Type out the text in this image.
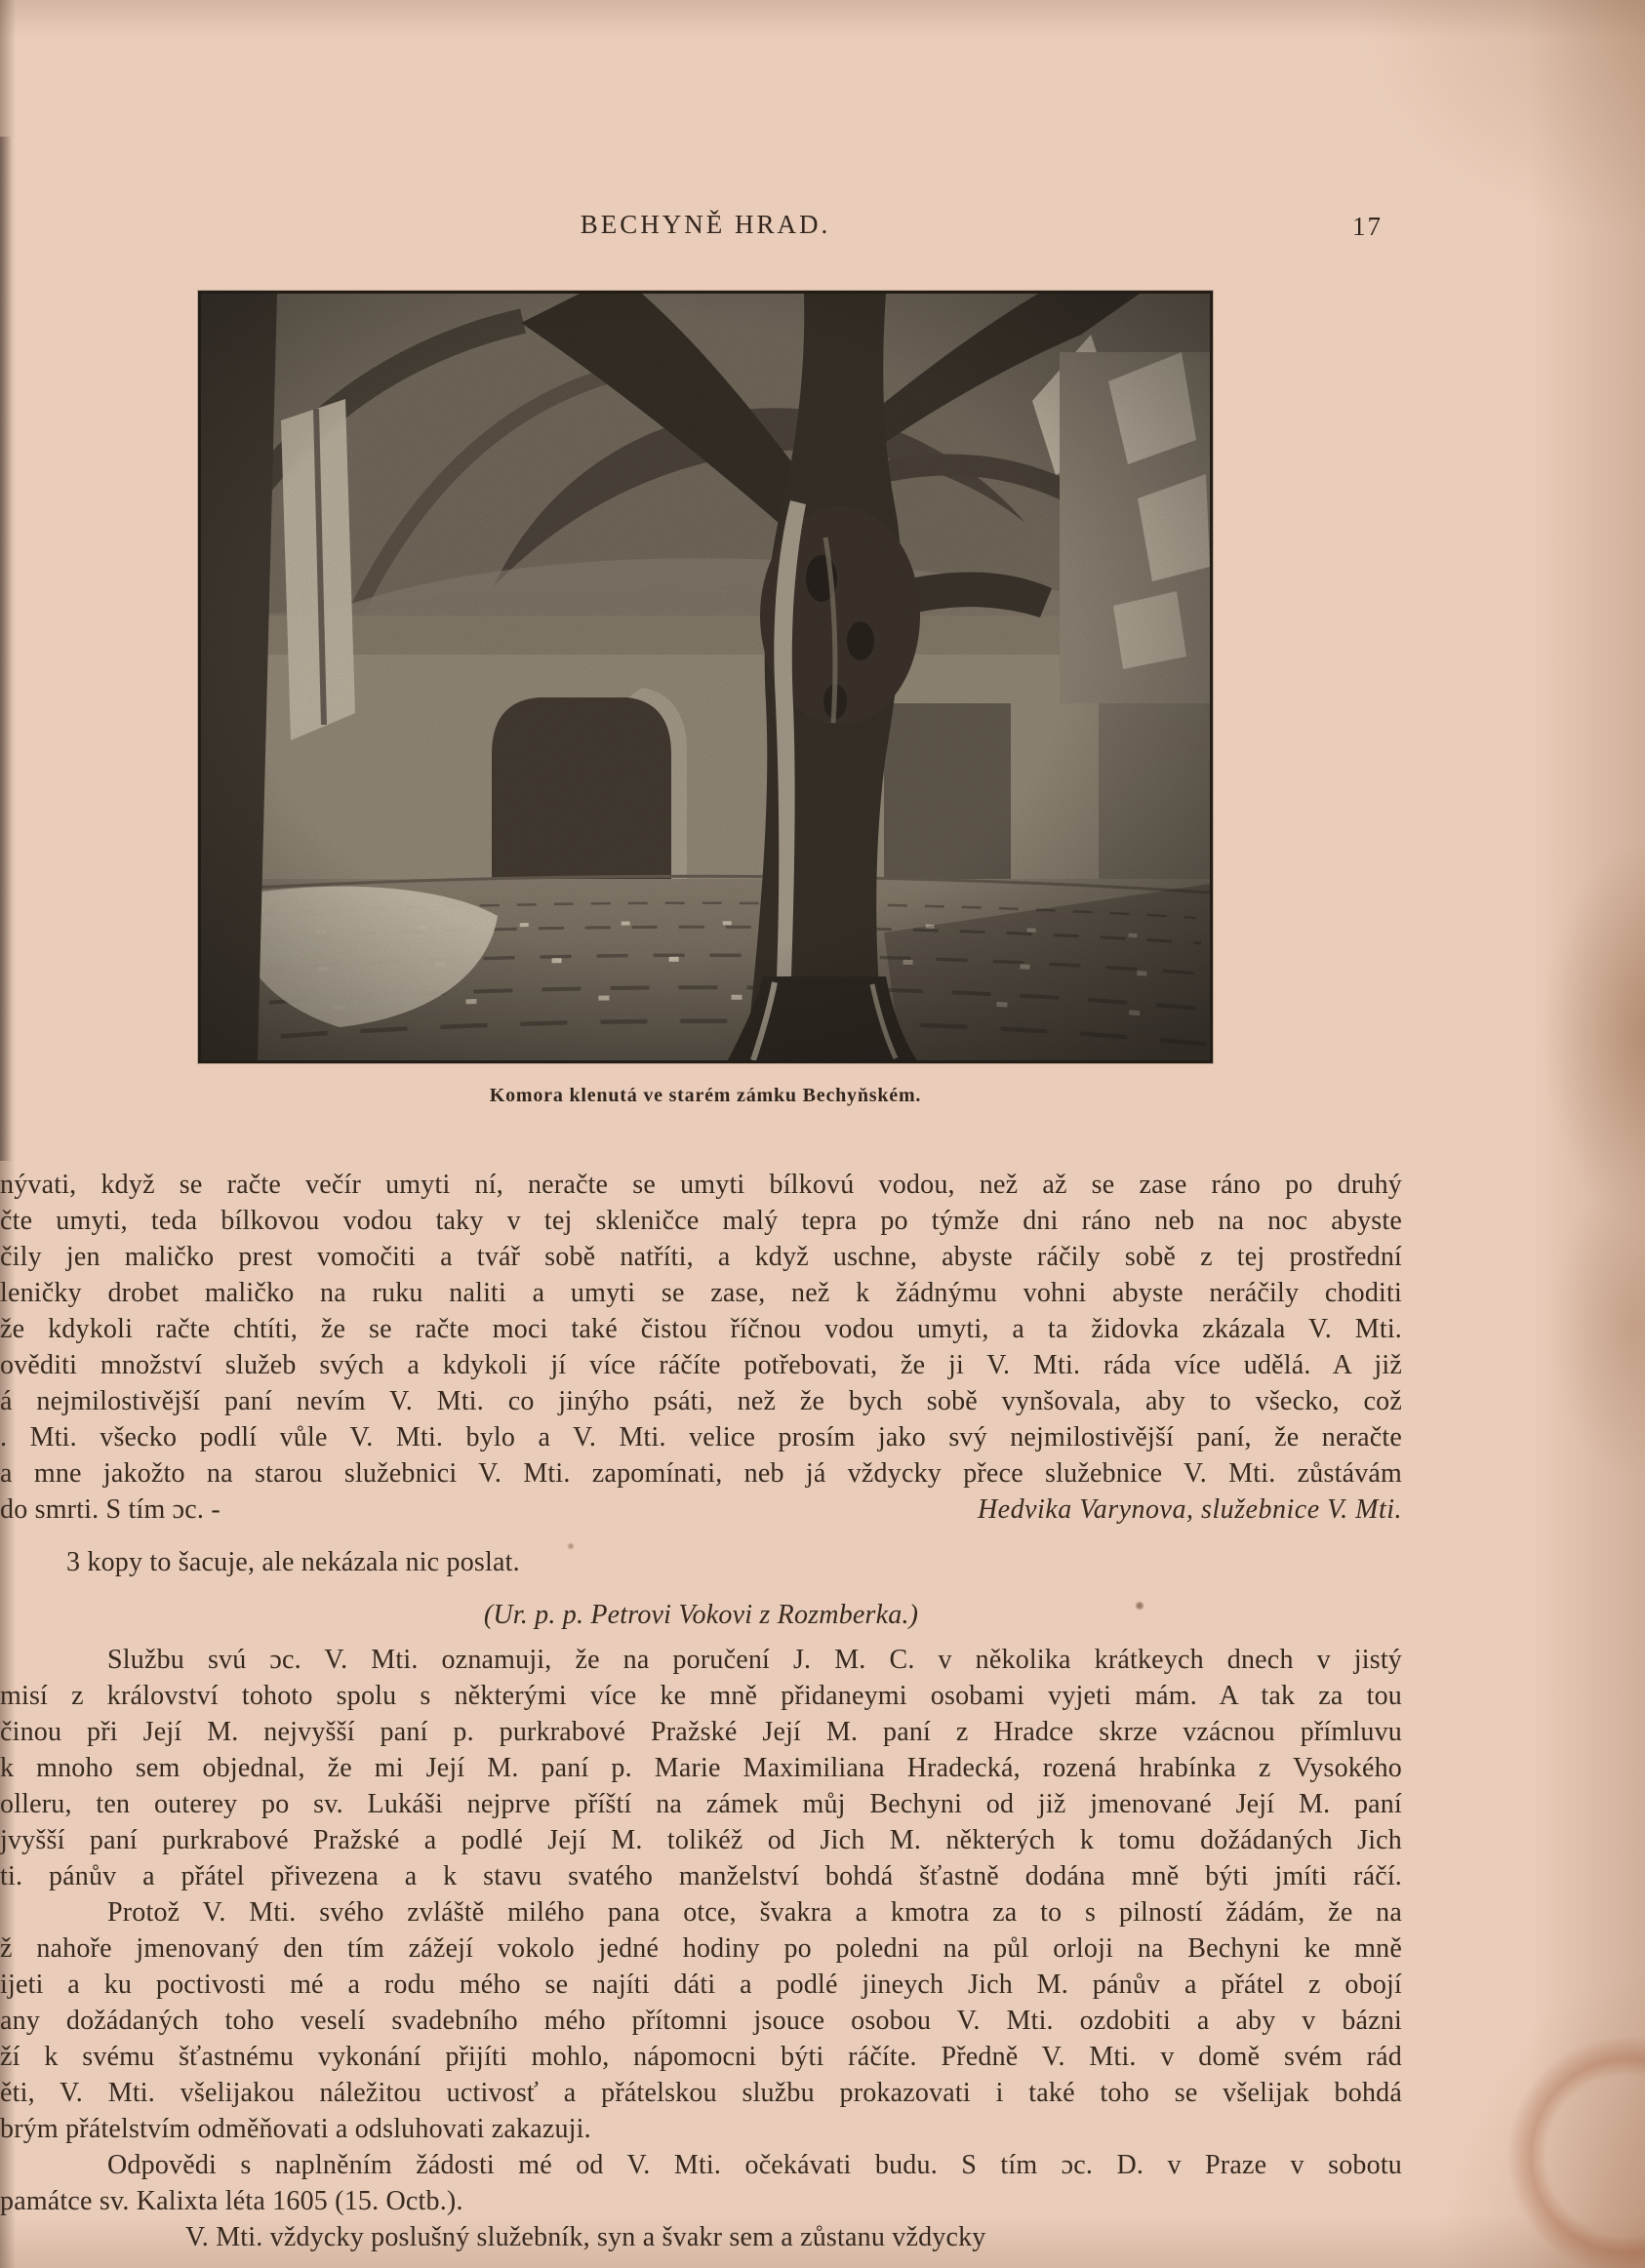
BECHYNĚ HRAD.	17
Komora klenutá ve starém zámku Bechyňském.
nývati, když se račte večír umyti ní, neračte se umyti bílkovú vodou, než až se zase ráno po druhý
čte umyti, teda bílkovou vodou taky v tej skleničce malý tepra po týmže dni ráno neb na noc abyste
čily jen maličko prest vomočiti a tvář sobě natříti, a když uschne, abyste ráčily sobě z tej prostřední
leničky drobet maličko na ruku naliti a umyti se zase, než k žádnýmu vohni abyste neráčily choditi
že kdykoli račte chtíti, že se račte moci také čistou říčnou vodou umyti, a ta židovka zkázala V. Mti.
ověditi množství služeb svých a kdykoli jí více ráčíte potřebovati, že ji V. Mti. ráda více udělá. A již
á nejmilostivější paní nevím V. Mti. co jinýho psáti, než že bych sobě vynšovala, aby to všecko, což
. Mti. všecko podlí vůle V. Mti. bylo a V. Mti. velice prosím jako svý nejmilostivější paní, že neračte
a mne jakožto na starou služebnici V. Mti. zapomínati, neb já vždycky přece služebnice V. Mti. zůstávám
do smrti. S tím ɔc. -	Hedvika Varynova, služebnice V. Mti.
3 kopy to šacuje, ale nekázala nic poslat.
(Ur. p. p. Petrovi Vokovi z Rozmberka.)
Službu svú ɔc. V. Mti. oznamuji, že na poručení J. M. C. v několika krátkeych dnech v jistý
misí z království tohoto spolu s některými více ke mně přidaneymi osobami vyjeti mám. A tak za tou
činou při Její M. nejvyšší paní p. purkrabové Pražské Její M. paní z Hradce skrze vzácnou přímluvu
k mnoho sem objednal, že mi Její M. paní p. Marie Maximiliana Hradecká, rozená hrabínka z Vysokého
olleru, ten outerey po sv. Lukáši nejprve příští na zámek můj Bechyni od již jmenované Její M. paní
jvyšší paní purkrabové Pražské a podlé Její M. tolikéž od Jich M. některých k tomu dožádaných Jich
ti. pánův a přátel přivezena a k stavu svatého manželství bohdá šťastně dodána mně býti jmíti ráčí.
Protož V. Mti. svého zvláště milého pana otce, švakra a kmotra za to s pilností žádám, že na
ž nahoře jmenovaný den tím zážejí vokolo jedné hodiny po poledni na půl orloji na Bechyni ke mně
ijeti a ku poctivosti mé a rodu mého se najíti dáti a podlé jineych Jich M. pánův a přátel z obojí
any dožádaných toho veselí svadebního mého přítomni jsouce osobou V. Mti. ozdobiti a aby v bázni
ží k svému šťastnému vykonání přijíti mohlo, nápomocni býti ráčíte. Předně V. Mti. v domě svém rád
ěti, V. Mti. všelijakou náležitou uctivosť a přátelskou službu prokazovati i také toho se všelijak bohdá
brým přátelstvím odměňovati a odsluhovati zakazuji.
Odpovědi s naplněním žádosti mé od V. Mti. očekávati budu. S tím ɔc. D. v Praze v sobotu
památce sv. Kalixta léta 1605 (15. Octb.).
V. Mti. vždycky poslušný služebník, syn a švakr sem a zůstanu vždycky
